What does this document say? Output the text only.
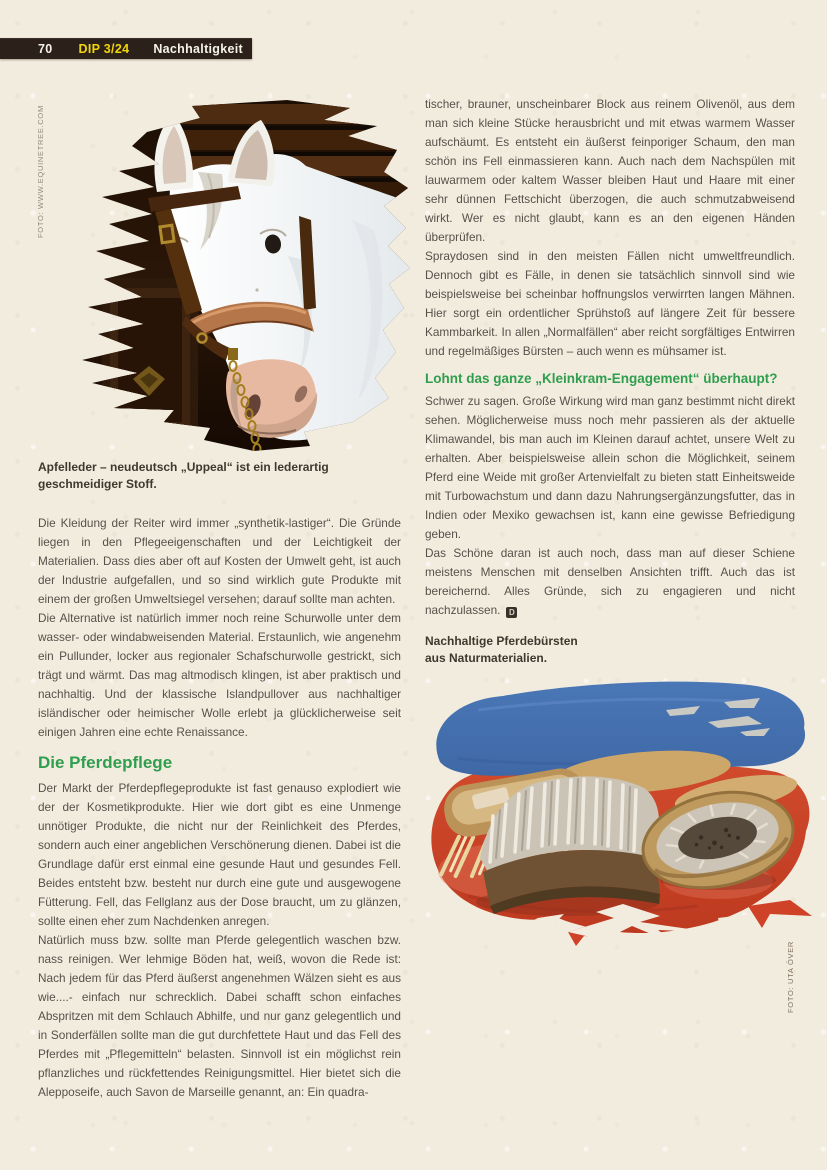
70 DIP 3/24 Nachhaltigkeit
FOTO: WWW.EQUINETREE.COM
Apfelleder – neudeutsch „Uppeal“ ist ein lederartig geschmeidiger Stoff.

Die Kleidung der Reiter wird immer „synthetik-lastiger“. Die Gründe liegen in den Pflegeeigenschaften und der Leichtigkeit der Materialien. Dass dies aber oft auf Kosten der Umwelt geht, ist auch der Industrie aufgefallen, und so sind wirklich gute Produkte mit einem der großen Umweltsiegel versehen; darauf sollte man achten.

Die Alternative ist natürlich immer noch reine Schurwolle unter dem wasser- oder windabweisenden Material. Erstaunlich, wie angenehm ein Pullunder, locker aus regionaler Schafschurwolle gestrickt, sich trägt und wärmt. Das mag altmodisch klingen, ist aber praktisch und nachhaltig. Und der klassische Islandpullover aus nachhaltiger isländischer oder heimischer Wolle erlebt ja glücklicherweise seit einigen Jahren eine echte Renaissance.

Die Pferdepflege

Der Markt der Pferdepflegeprodukte ist fast genauso explodiert wie der der Kosmetikprodukte. Hier wie dort gibt es eine Unmenge unnötiger Produkte, die nicht nur der Reinlichkeit des Pferdes, sondern auch einer angeblichen Verschönerung dienen. Dabei ist die Grundlage dafür erst einmal eine gesunde Haut und gesundes Fell. Beides entsteht bzw. besteht nur durch eine gute und ausgewogene Fütterung. Fell, das Fellglanz aus der Dose braucht, um zu glänzen, sollte einen eher zum Nachdenken anregen.

Natürlich muss bzw. sollte man Pferde gelegentlich waschen bzw. nass reinigen. Wer lehmige Böden hat, weiß, wovon die Rede ist: Nach jedem für das Pferd äußerst angenehmen Wälzen sieht es aus wie....- einfach nur schrecklich. Dabei schafft schon einfaches Abspritzen mit dem Schlauch Abhilfe, und nur ganz gelegentlich und in Sonderfällen sollte man die gut durchfettete Haut und das Fell des Pferdes mit „Pflegemitteln“ belasten. Sinnvoll ist ein möglichst rein pflanzliches und rückfettendes Reinigungsmittel. Hier bietet sich die Alepposeife, auch Savon de Marseille genannt, an: Ein quadra-

tischer, brauner, unscheinbarer Block aus reinem Olivenöl, aus dem man sich kleine Stücke herausbricht und mit etwas warmem Wasser aufschäumt. Es entsteht ein äußerst feinporiger Schaum, den man schön ins Fell einmassieren kann. Auch nach dem Nachspülen mit lauwarmem oder kaltem Wasser bleiben Haut und Haare mit einer sehr dünnen Fettschicht überzogen, die auch schmutzabweisend wirkt. Wer es nicht glaubt, kann es an den eigenen Händen überprüfen.

Spraydosen sind in den meisten Fällen nicht umweltfreundlich. Dennoch gibt es Fälle, in denen sie tatsächlich sinnvoll sind wie beispielsweise bei scheinbar hoffnungslos verwirrten langen Mähnen. Hier sorgt ein ordentlicher Sprühstoß auf längere Zeit für bessere Kammbarkeit. In allen „Normalfällen“ aber reicht sorgfältiges Entwirren und regelmäßiges Bürsten – auch wenn es mühsamer ist.

Lohnt das ganze „Kleinkram-Engagement“ überhaupt?

Schwer zu sagen. Große Wirkung wird man ganz bestimmt nicht direkt sehen. Möglicherweise muss noch mehr passieren als der aktuelle Klimawandel, bis man auch im Kleinen darauf achtet, unsere Welt zu erhalten. Aber beispielsweise allein schon die Möglichkeit, seinem Pferd eine Weide mit großer Artenvielfalt zu bieten statt Einheitsweide mit Turbowachstum und dann dazu Nahrungsergänzungsfutter, das in Indien oder Mexiko gewachsen ist, kann eine gewisse Befriedigung geben.

Das Schöne daran ist auch noch, dass man auf dieser Schiene meistens Menschen mit denselben Ansichten trifft. Auch das ist bereichernd. Alles Gründe, sich zu engagieren und nicht nachzulassen. D

Nachhaltige Pferdebürsten
aus Naturmaterialien.
FOTO: UTA ÖVER
